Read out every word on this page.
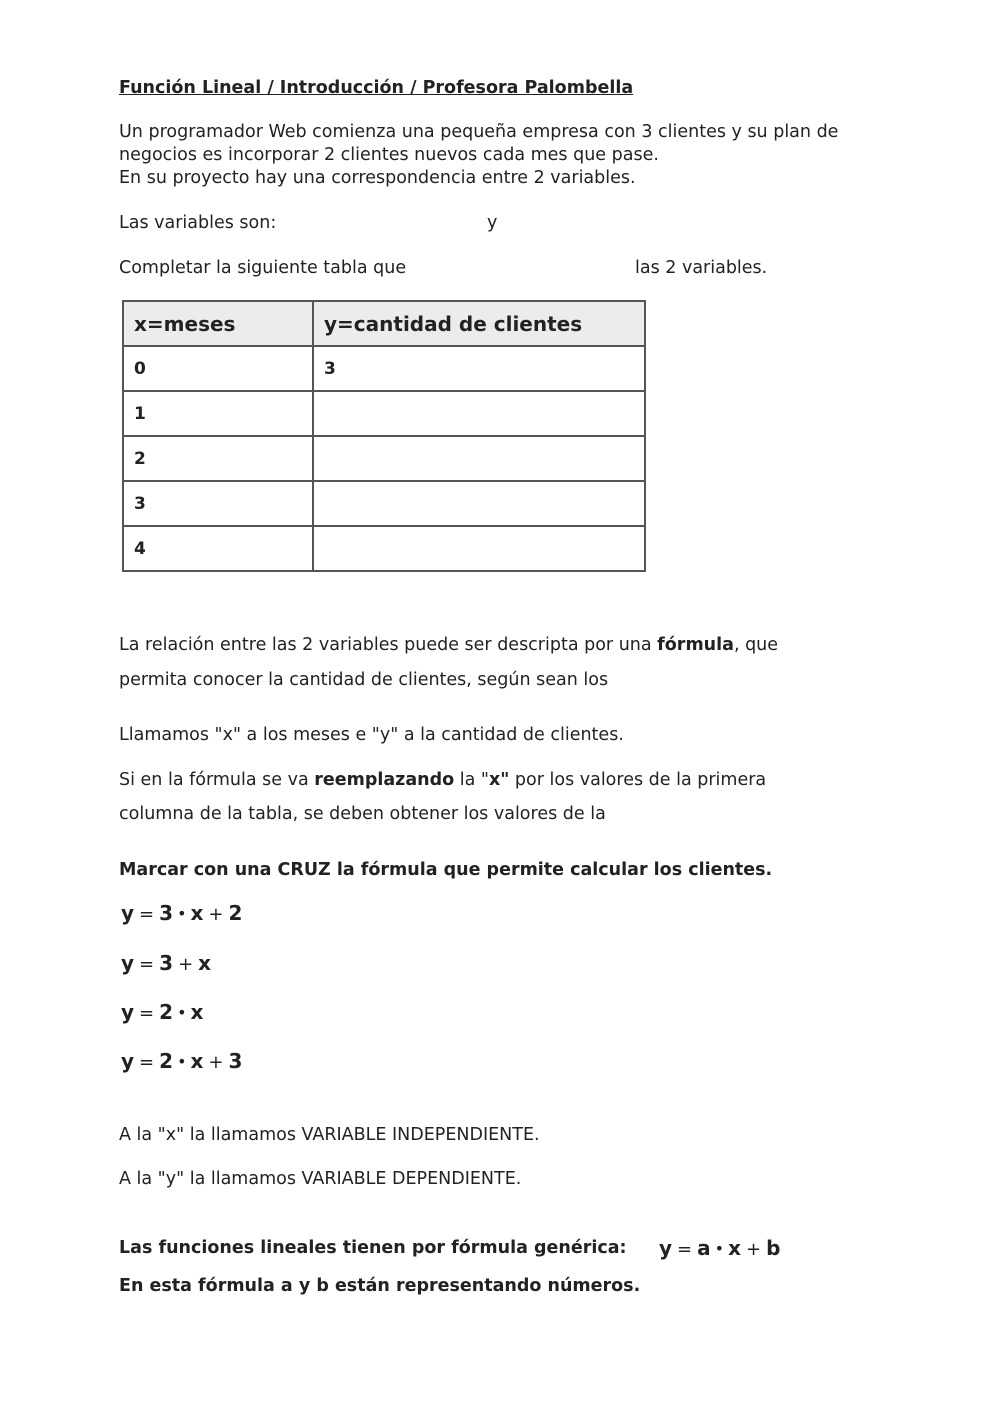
Función Lineal / Introducción / Profesora Palombella
Un programador Web comienza una pequeña empresa con 3 clientes y su plan de
negocios es incorporar 2 clientes nuevos cada mes que pase.
En su proyecto hay una correspondencia entre 2 variables.
Las variables son:	y
Completar la siguiente tabla que	las 2 variables.
x=meses	y=cantidad de clientes
0	3
1	
2	
3	
4	
La relación entre las 2 variables puede ser descripta por una fórmula, que
permita conocer la cantidad de clientes, según sean los
Llamamos "x" a los meses e "y" a la cantidad de clientes.
Si en la fórmula se va reemplazando la "x" por los valores de la primera
columna de la tabla, se deben obtener los valores de la
Marcar con una CRUZ la fórmula que permite calcular los clientes.
y = 3 • x + 2
y = 3 + x
y = 2 • x
y = 2 • x + 3
A la "x" la llamamos VARIABLE INDEPENDIENTE.
A la "y" la llamamos VARIABLE DEPENDIENTE.
Las funciones lineales tienen por fórmula genérica: y = a • x + b
En esta fórmula a y b están representando números.
